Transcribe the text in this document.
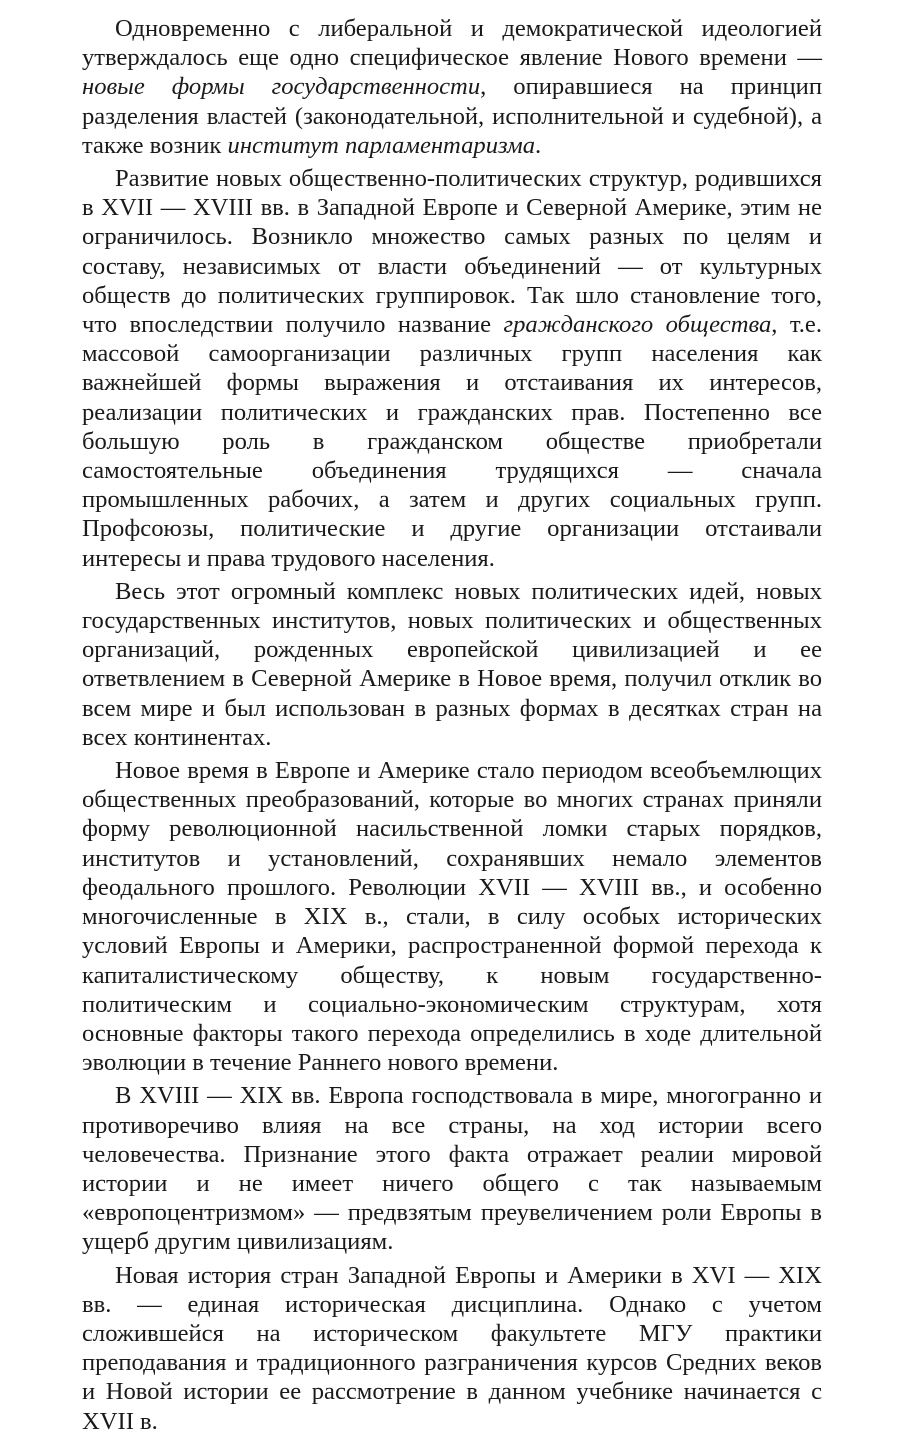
Одновременно с либеральной и демократической идеологией утверждалось еще одно специфическое явление Нового времени — новые формы государственности, опиравшиеся на принцип разделения властей (законодательной, исполнительной и судебной), а также возник институт парламентаризма.

Развитие новых общественно-политических структур, родившихся в XVII — XVIII вв. в Западной Европе и Северной Америке, этим не ограничилось. Возникло множество самых разных по целям и составу, независимых от власти объединений — от культурных обществ до политических группировок. Так шло становление того, что впоследствии получило название гражданского общества, т.е. массовой самоорганизации различных групп населения как важнейшей формы выражения и отстаивания их интересов, реализации политических и гражданских прав. Постепенно все большую роль в гражданском обществе приобретали самостоятельные объединения трудящихся — сначала промышленных рабочих, а затем и других социальных групп. Профсоюзы, политические и другие организации отстаивали интересы и права трудового населения.

Весь этот огромный комплекс новых политических идей, новых государственных институтов, новых политических и общественных организаций, рожденных европейской цивилизацией и ее ответвлением в Северной Америке в Новое время, получил отклик во всем мире и был использован в разных формах в десятках стран на всех континентах.

Новое время в Европе и Америке стало периодом всеобъемлющих общественных преобразований, которые во многих странах приняли форму революционной насильственной ломки старых порядков, институтов и установлений, сохранявших немало элементов феодального прошлого. Революции XVII — XVIII вв., и особенно многочисленные в XIX в., стали, в силу особых исторических условий Европы и Америки, распространенной формой перехода к капиталистическому обществу, к новым государственно-политическим и социально-экономическим структурам, хотя основные факторы такого перехода определились в ходе длительной эволюции в течение Раннего нового времени.

В XVIII — XIX вв. Европа господствовала в мире, многогранно и противоречиво влияя на все страны, на ход истории всего человечества. Признание этого факта отражает реалии мировой истории и не имеет ничего общего с так называемым «европоцентризмом» — предвзятым преувеличением роли Европы в ущерб другим цивилизациям.

Новая история стран Западной Европы и Америки в XVI — XIX вв. — единая историческая дисциплина. Однако с учетом сложившейся на историческом факультете МГУ практики преподавания и традиционного разграничения курсов Средних веков и Новой истории ее рассмотрение в данном учебнике начинается с XVII в.
